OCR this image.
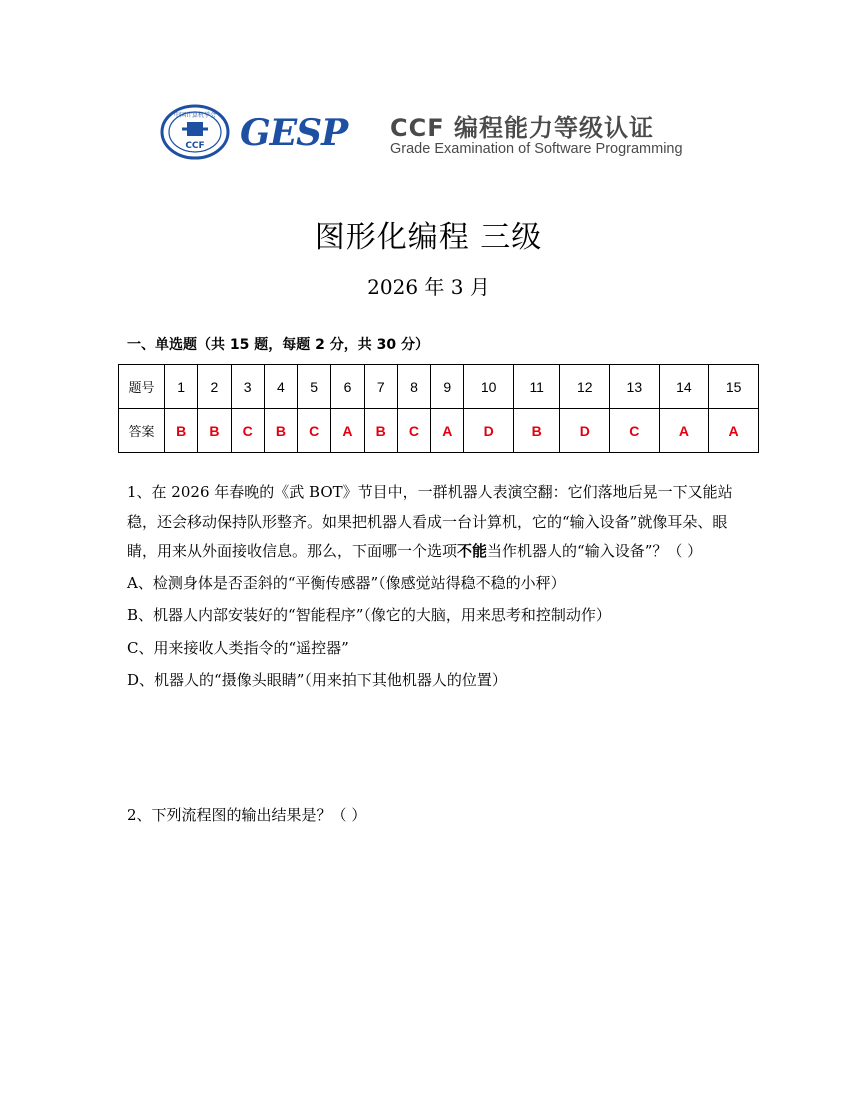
中国计算机学会
CCF GESP CCF 编程能力等级认证
Grade Examination of Software Programming
图形化编程 三级
2026 年 3 月
一、单选题（共 15 题，每题 2 分，共 30 分）
题号	1	2	3	4	5	6	7	8	9	10	11	12	13	14	15
答案	B	B	C	B	C	A	B	C	A	D	B	D	C	A	A

1、在 2026 年春晚的《武 BOT》节目中，一群机器人表演空翻：它们落地后晃一下又能站稳，还会移动保持队形整齐。如果把机器人看成一台计算机，它的“输入设备”就像耳朵、眼睛，用来从外面接收信息。那么，下面哪一个选项不能当作机器人的“输入设备”？（ ）

A、检测身体是否歪斜的“平衡传感器”（像感觉站得稳不稳的小秤）

B、机器人内部安装好的“智能程序”（像它的大脑，用来思考和控制动作）

C、用来接收人类指令的“遥控器”

D、机器人的“摄像头眼睛”（用来拍下其他机器人的位置）

2、下列流程图的输出结果是？（ ）
